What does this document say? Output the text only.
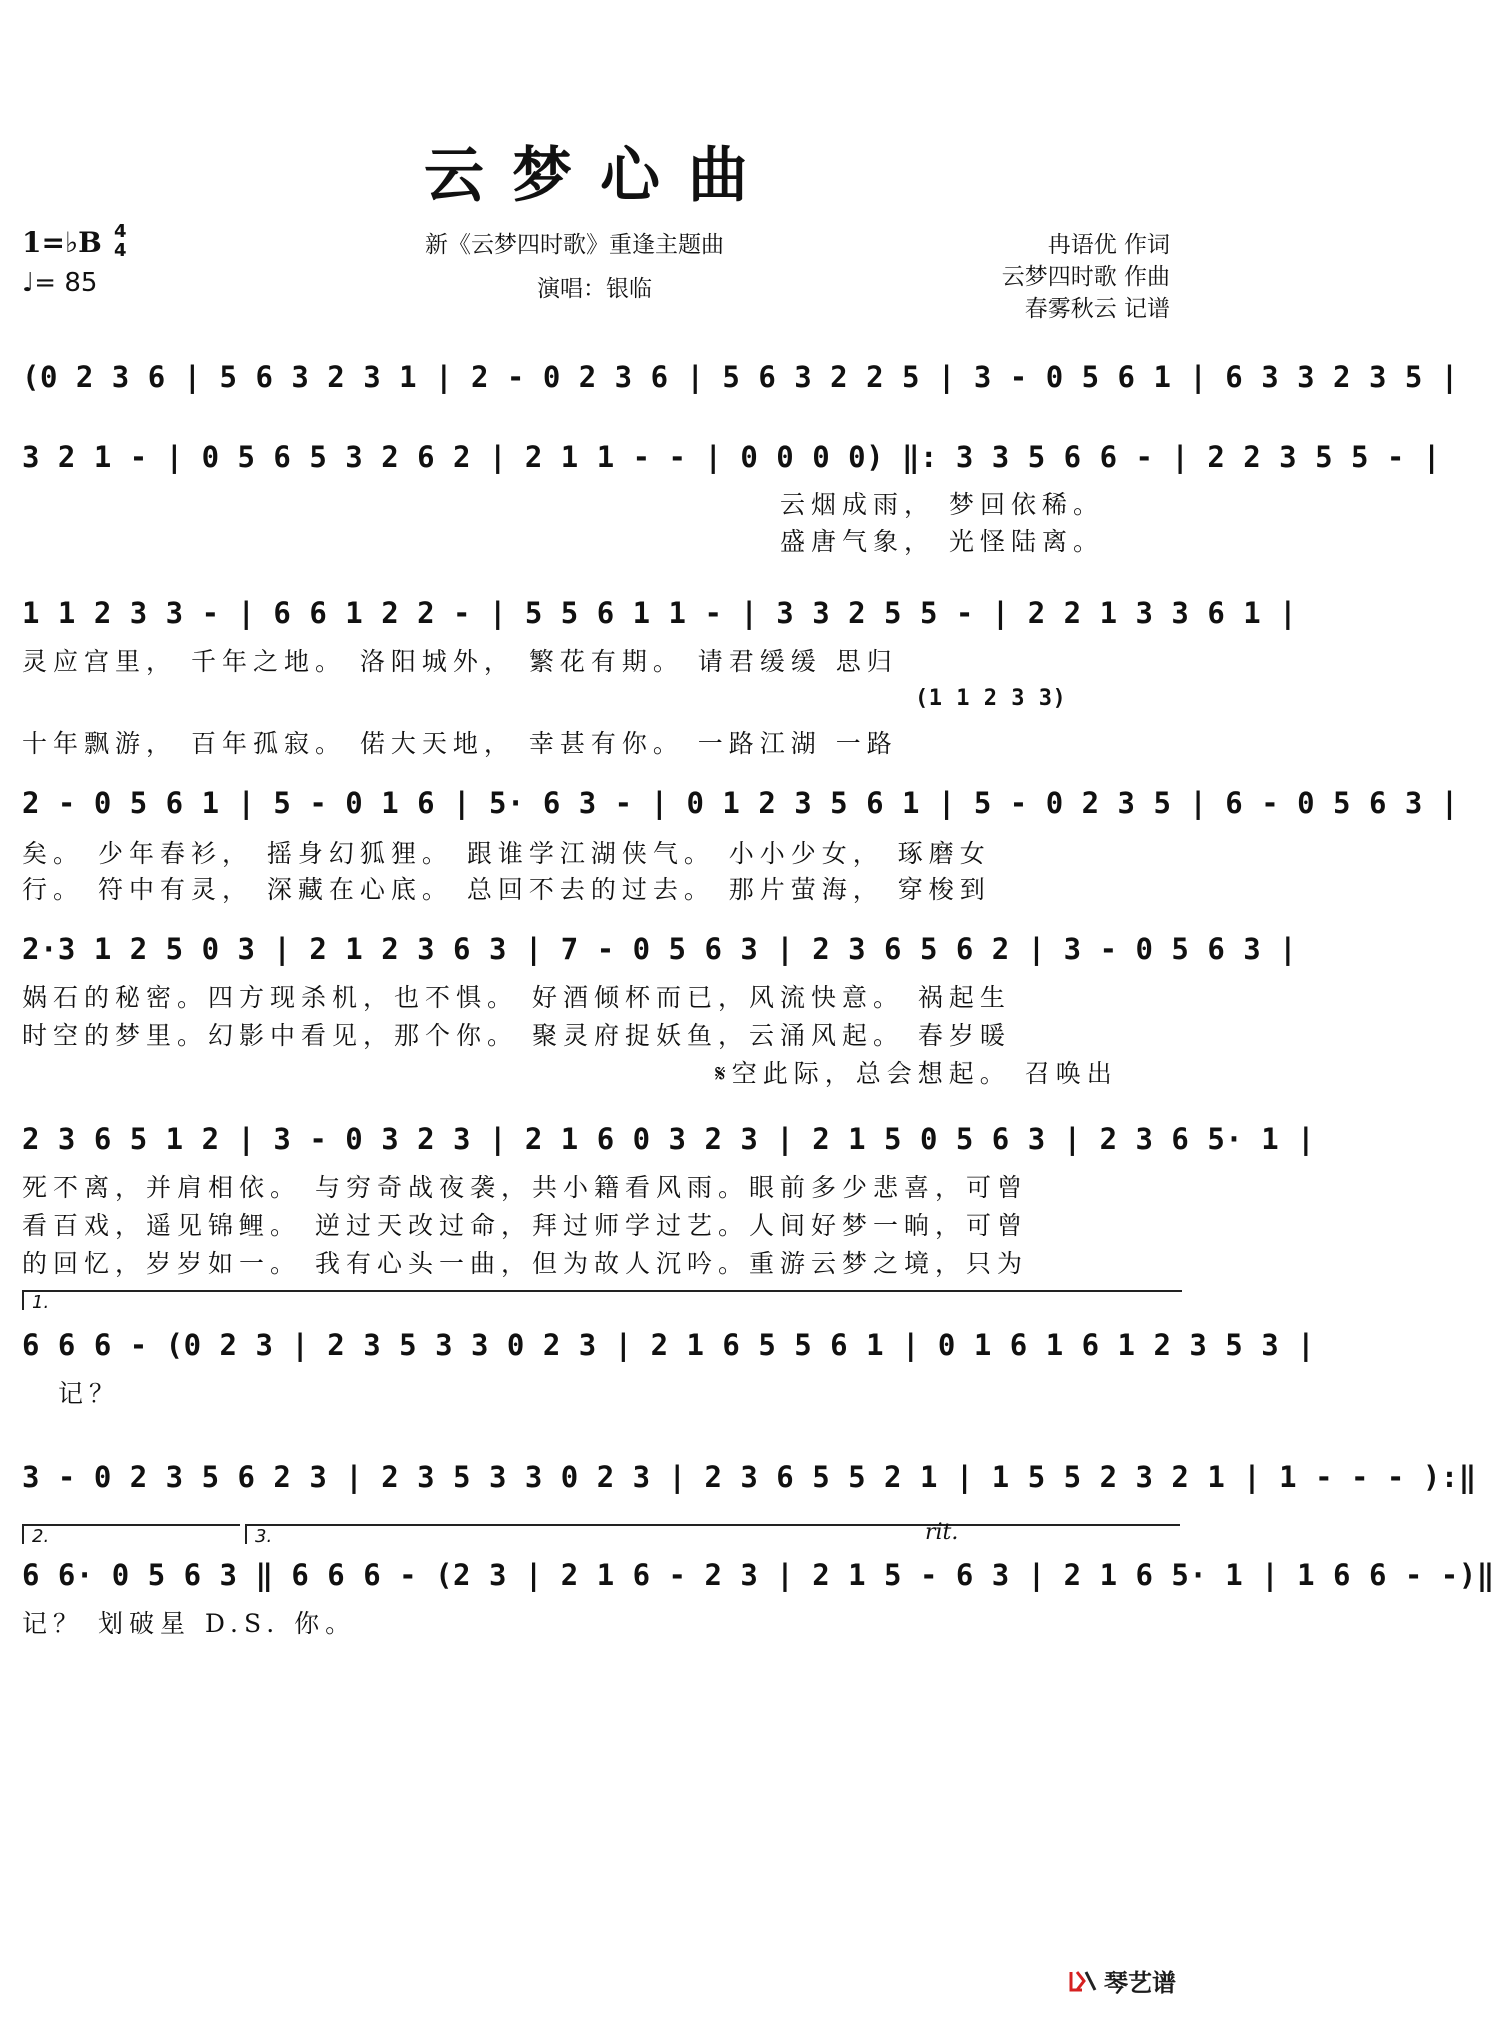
云梦心曲
1=♭B 4
4
♩= 85
新《云梦四时歌》重逢主题曲
演唱：银临
冉语优 作词
云梦四时歌 作曲
春雾秋云 记谱
(0 2 3 6 | 5 6 3 2 3 1 | 2 - 0 2 3 6 | 5 6 3 2 2 5 | 3 - 0 5 6 1 | 6 3 3 2 3 5 |
3 2 1 - | 0 5 6 5 3 2 6 2 | 2 1 1 - - | 0 0 0 0) ‖: 3 3 5 6 6 - | 2 2 3 5 5 - |
云烟成雨， 梦回依稀。
盛唐气象， 光怪陆离。
1 1 2 3 3 - | 6 6 1 2 2 - | 5 5 6 1 1 - | 3 3 2 5 5 - | 2 2 1 3 3 6 1 |
灵应宫里， 千年之地。 洛阳城外， 繁花有期。 请君缓缓 思归
(1 1 2 3 3)
十年飘游， 百年孤寂。 偌大天地， 幸甚有你。 一路江湖 一路
2 - 0 5 6 1 | 5 - 0 1 6 | 5· 6 3 - | 0 1 2 3 5 6 1 | 5 - 0 2 3 5 | 6 - 0 5 6 3 |
矣。 少年春衫， 摇身幻狐狸。 跟谁学江湖侠气。 小小少女， 琢磨女
行。 符中有灵， 深藏在心底。 总回不去的过去。 那片萤海， 穿梭到
2·3 1 2 5 0 3 | 2 1 2 3 6 3 | 7 - 0 5 6 3 | 2 3 6 5 6 2 | 3 - 0 5 6 3 |
娲石的秘密。四方现杀机，也不惧。 好酒倾杯而已，风流快意。 祸起生
时空的梦里。幻影中看见，那个你。 聚灵府捉妖鱼，云涌风起。 春岁暖
𝄋空此际，总会想起。 召唤出
2 3 6 5 1 2 | 3 - 0 3 2 3 | 2 1 6 0 3 2 3 | 2 1 5 0 5 6 3 | 2 3 6 5· 1 |
死不离，并肩相依。 与穷奇战夜袭，共小籍看风雨。眼前多少悲喜，可曾
看百戏，遥见锦鲤。 逆过天改过命，拜过师学过艺。人间好梦一晌，可曾
的回忆，岁岁如一。 我有心头一曲，但为故人沉吟。重游云梦之境，只为
1.
6 6 6 - (0 2 3 | 2 3 5 3 3 0 2 3 | 2 1 6 5 5 6 1 | 0 1 6 1 6 1 2 3 5 3 |
记？
3 - 0 2 3 5 6 2 3 | 2 3 5 3 3 0 2 3 | 2 3 6 5 5 2 1 | 1 5 5 2 3 2 1 | 1 - - - ):‖
2.	3.	rit.
6 6· 0 5 6 3 ‖ 6 6 6 - (2 3 | 2 1 6 - 2 3 | 2 1 5 - 6 3 | 2 1 6 5· 1 | 1 6 6 - -)‖
记？ 划破星 D.S. 你。
琴艺谱
